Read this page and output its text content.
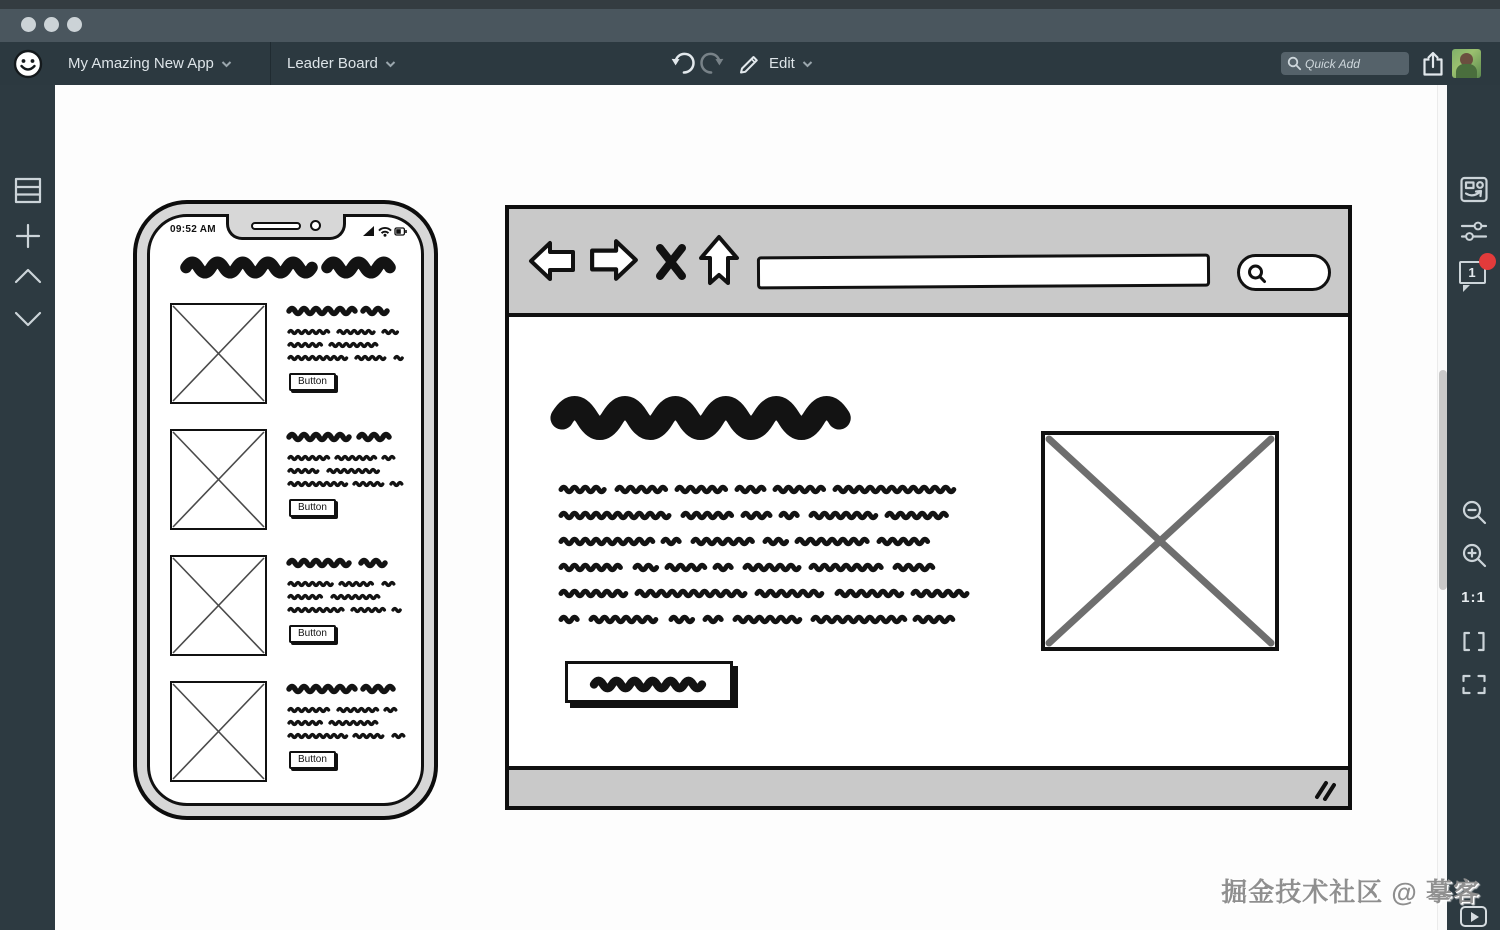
My Amazing New App	Leader Board	Edit
Quick Add
1
1:1
09:52 AM
Button
Button
Button
Button
掘金技术社区 @ 摹客
